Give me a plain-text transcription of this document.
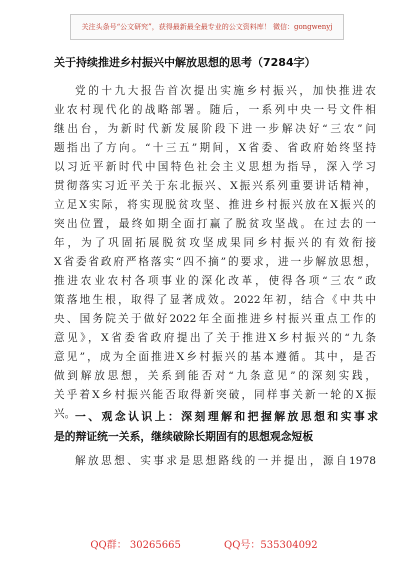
关注头条号“公文研究”，获得最新最全最专业的公文资料库！ 微信：gongwenyj
关于持续推进乡村振兴中解放思想的思考（7284字）
党的十九大报告首次提出实施乡村振兴，加快推进农
业农村现代化的战略部署。随后，一系列中央一号文件相
继出台，为新时代新发展阶段下进一步解决好“三农”问
题指出了方向。“十三五”期间，X省委、省政府始终坚持
以习近平新时代中国特色社会主义思想为指导，深入学习
贯彻落实习近平关于东北振兴、X振兴系列重要讲话精神，
立足X实际，将实现脱贫攻坚、推进乡村振兴放在X振兴的
突出位置，最终如期全面打赢了脱贫攻坚战。在过去的一
年，为了巩固拓展脱贫攻坚成果同乡村振兴的有效衔接
X省委省政府严格落实“四不摘”的要求，进一步解放思想，
推进农业农村各项事业的深化改革，使得各项“三农”政
策落地生根，取得了显著成效。2022年初，结合《中共中
央、国务院关于做好2022年全面推进乡村振兴重点工作的
意见》，X省委省政府提出了关于推进X乡村振兴的“九条
意见”，成为全面推进X乡村振兴的基本遵循。其中，是否
做到解放思想，关系到能否对“九条意见”的深刻实践，
关乎着X乡村振兴能否取得新突破，同样事关新一轮的X振
兴。 一、观念认识上：深刻理解和把握解放思想和实事求
是的辩证统一关系，继续破除长期固有的思想观念短板
解放思想、实事求是思想路线的一并提出，源自1978
QQ群： 30265665	QQ号：535304092
